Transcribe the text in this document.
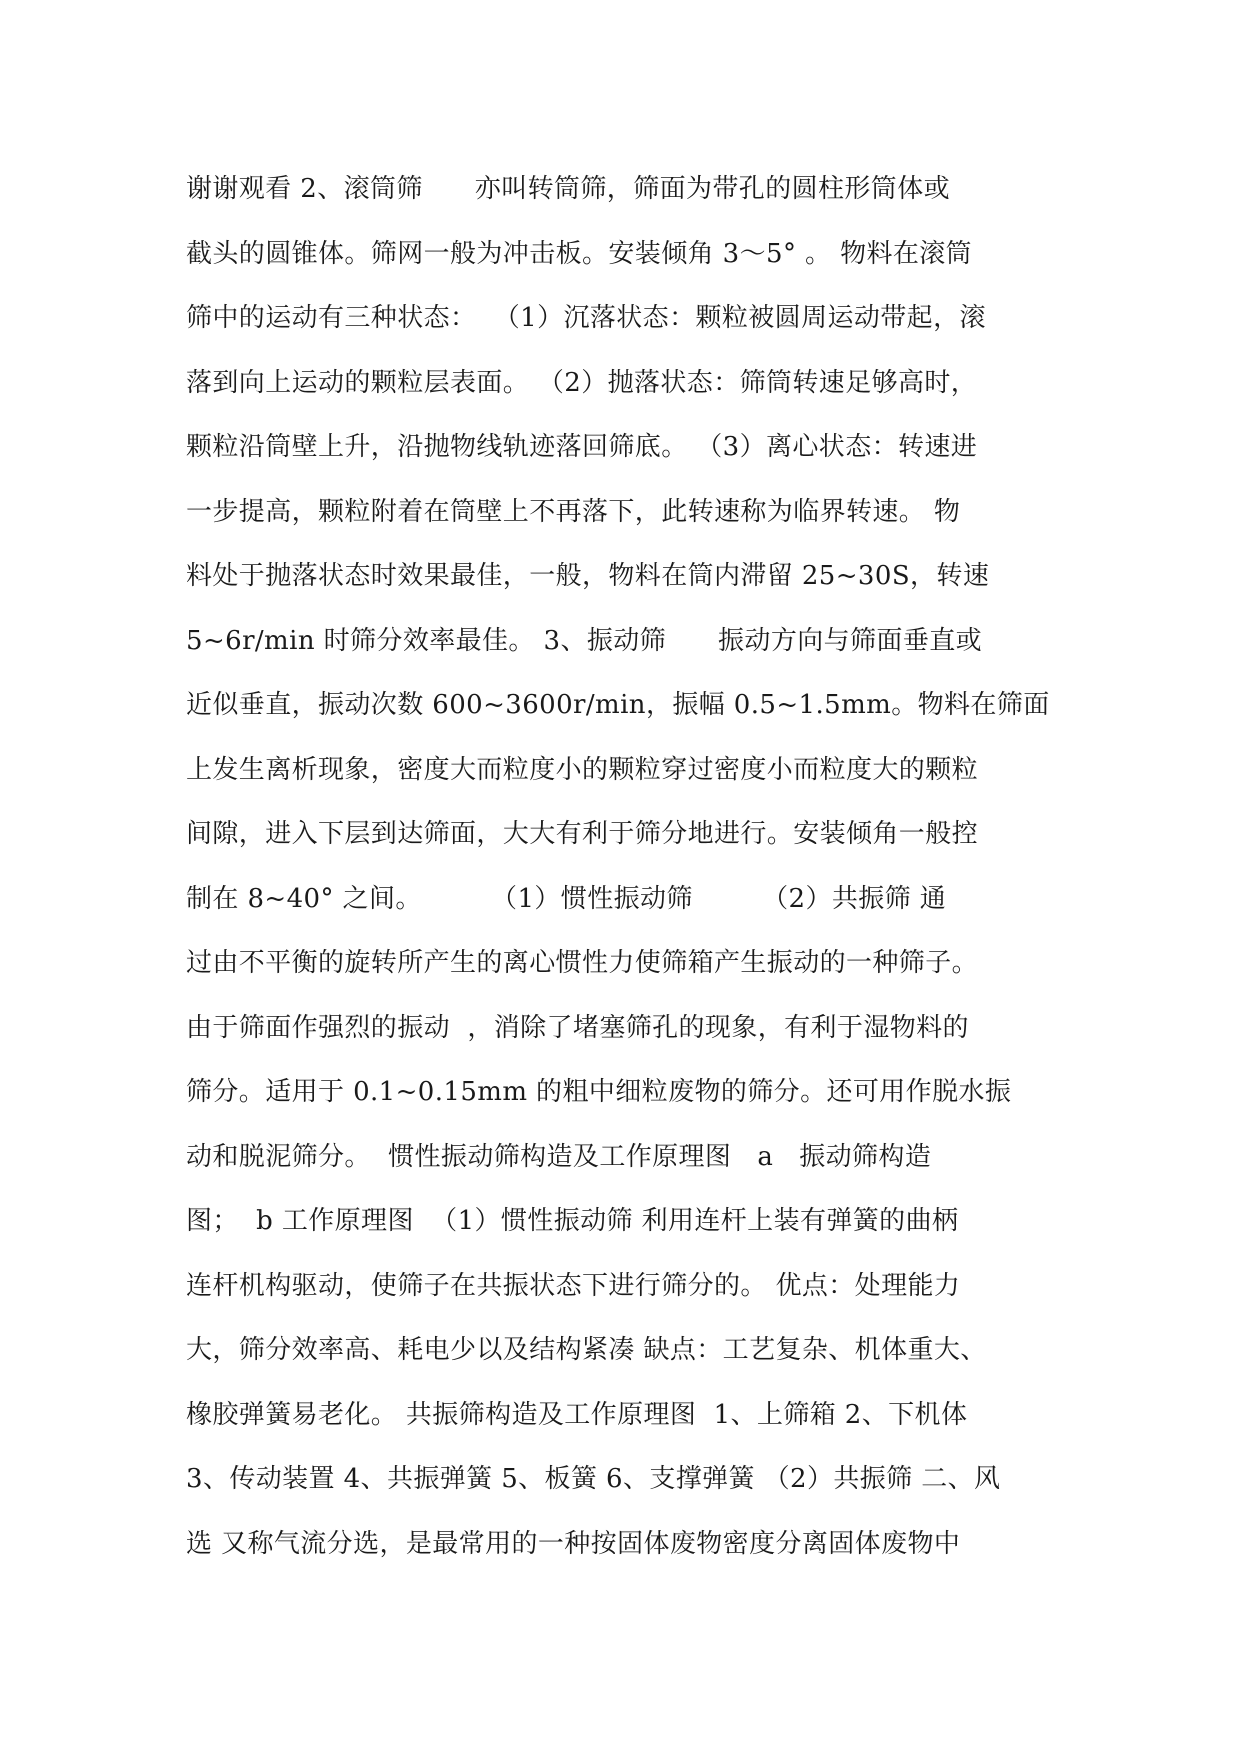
谢谢观看 2、滚筒筛      亦叫转筒筛，筛面为带孔的圆柱形筒体或
截头的圆锥体。筛网一般为冲击板。安装倾角 3～5° 。 物料在滚筒
筛中的运动有三种状态：  （1）沉落状态：颗粒被圆周运动带起，滚
落到向上运动的颗粒层表面。 （2）抛落状态：筛筒转速足够高时，
颗粒沿筒壁上升，沿抛物线轨迹落回筛底。 （3）离心状态：转速进
一步提高，颗粒附着在筒壁上不再落下，此转速称为临界转速。 物
料处于抛落状态时效果最佳，一般，物料在筒内滞留 25~30S，转速
5~6r/min 时筛分效率最佳。 3、振动筛      振动方向与筛面垂直或
近似垂直，振动次数 600~3600r/min，振幅 0.5~1.5mm。物料在筛面
上发生离析现象，密度大而粒度小的颗粒穿过密度小而粒度大的颗粒
间隙，进入下层到达筛面，大大有利于筛分地进行。安装倾角一般控
制在 8~40° 之间。        （1）惯性振动筛        （2）共振筛 通
过由不平衡的旋转所产生的离心惯性力使筛箱产生振动的一种筛子。
由于筛面作强烈的振动  ，消除了堵塞筛孔的现象，有利于湿物料的
筛分。适用于 0.1~0.15mm 的粗中细粒废物的筛分。还可用作脱水振
动和脱泥筛分。  惯性振动筛构造及工作原理图   a   振动筛构造
图；  b 工作原理图  （1）惯性振动筛 利用连杆上装有弹簧的曲柄
连杆机构驱动，使筛子在共振状态下进行筛分的。 优点：处理能力
大，筛分效率高、耗电少以及结构紧凑 缺点：工艺复杂、机体重大、
橡胶弹簧易老化。 共振筛构造及工作原理图  1、上筛箱 2、下机体
3、传动装置 4、共振弹簧 5、板簧 6、支撑弹簧 （2）共振筛 二、风
选 又称气流分选，是最常用的一种按固体废物密度分离固体废物中
